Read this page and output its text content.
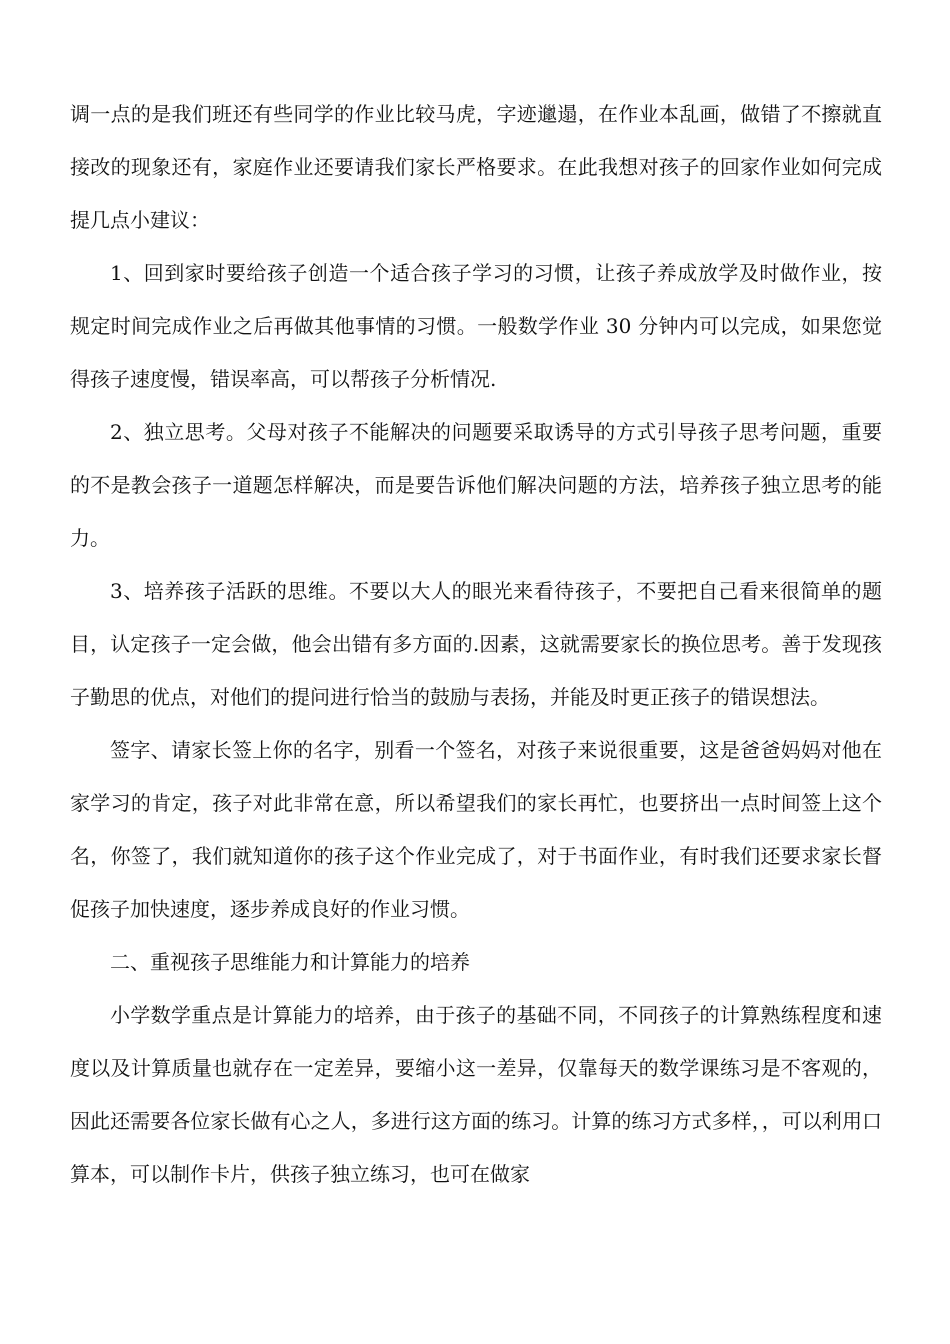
调一点的是我们班还有些同学的作业比较马虎，字迹邋遢，在作业本乱画，做错了不擦就直接改的现象还有，家庭作业还要请我们家长严格要求。在此我想对孩子的回家作业如何完成提几点小建议：

1、回到家时要给孩子创造一个适合孩子学习的习惯，让孩子养成放学及时做作业，按规定时间完成作业之后再做其他事情的习惯。一般数学作业 30 分钟内可以完成，如果您觉得孩子速度慢，错误率高，可以帮孩子分析情况.

2、独立思考。父母对孩子不能解决的问题要采取诱导的方式引导孩子思考问题，重要的不是教会孩子一道题怎样解决，而是要告诉他们解决问题的方法，培养孩子独立思考的能力。

3、培养孩子活跃的思维。不要以大人的眼光来看待孩子，不要把自己看来很简单的题目，认定孩子一定会做，他会出错有多方面的.因素，这就需要家长的换位思考。善于发现孩子勤思的优点，对他们的提问进行恰当的鼓励与表扬，并能及时更正孩子的错误想法。

签字、请家长签上你的名字，别看一个签名，对孩子来说很重要，这是爸爸妈妈对他在家学习的肯定，孩子对此非常在意，所以希望我们的家长再忙，也要挤出一点时间签上这个名，你签了，我们就知道你的孩子这个作业完成了，对于书面作业，有时我们还要求家长督促孩子加快速度，逐步养成良好的作业习惯。

二、重视孩子思维能力和计算能力的培养

小学数学重点是计算能力的培养，由于孩子的基础不同，不同孩子的计算熟练程度和速度以及计算质量也就存在一定差异，要缩小这一差异，仅靠每天的数学课练习是不客观的，因此还需要各位家长做有心之人，多进行这方面的练习。计算的练习方式多样，，可以利用口算本，可以制作卡片，供孩子独立练习，也可在做家
